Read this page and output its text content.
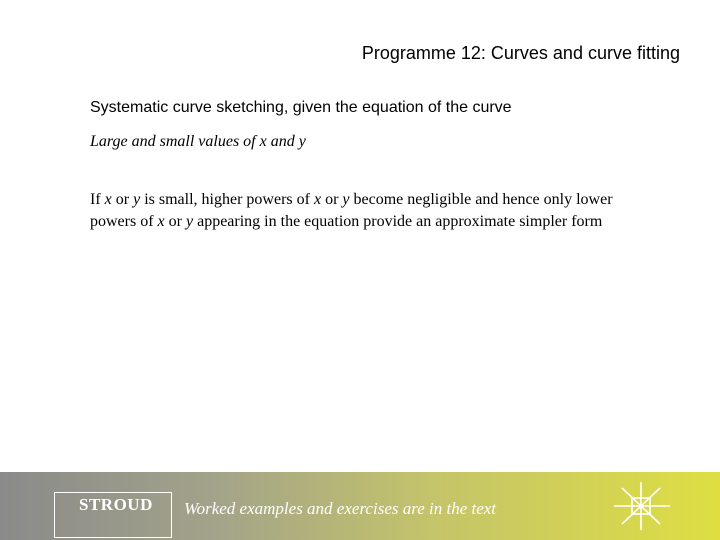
Programme 12: Curves and curve fitting
Systematic curve sketching, given the equation of the curve
Large and small values of x and y
If x or y is small, higher powers of x or y become negligible and hence only lower powers of x or y appearing in the equation provide an approximate simpler form
STROUD Worked examples and exercises are in the text
